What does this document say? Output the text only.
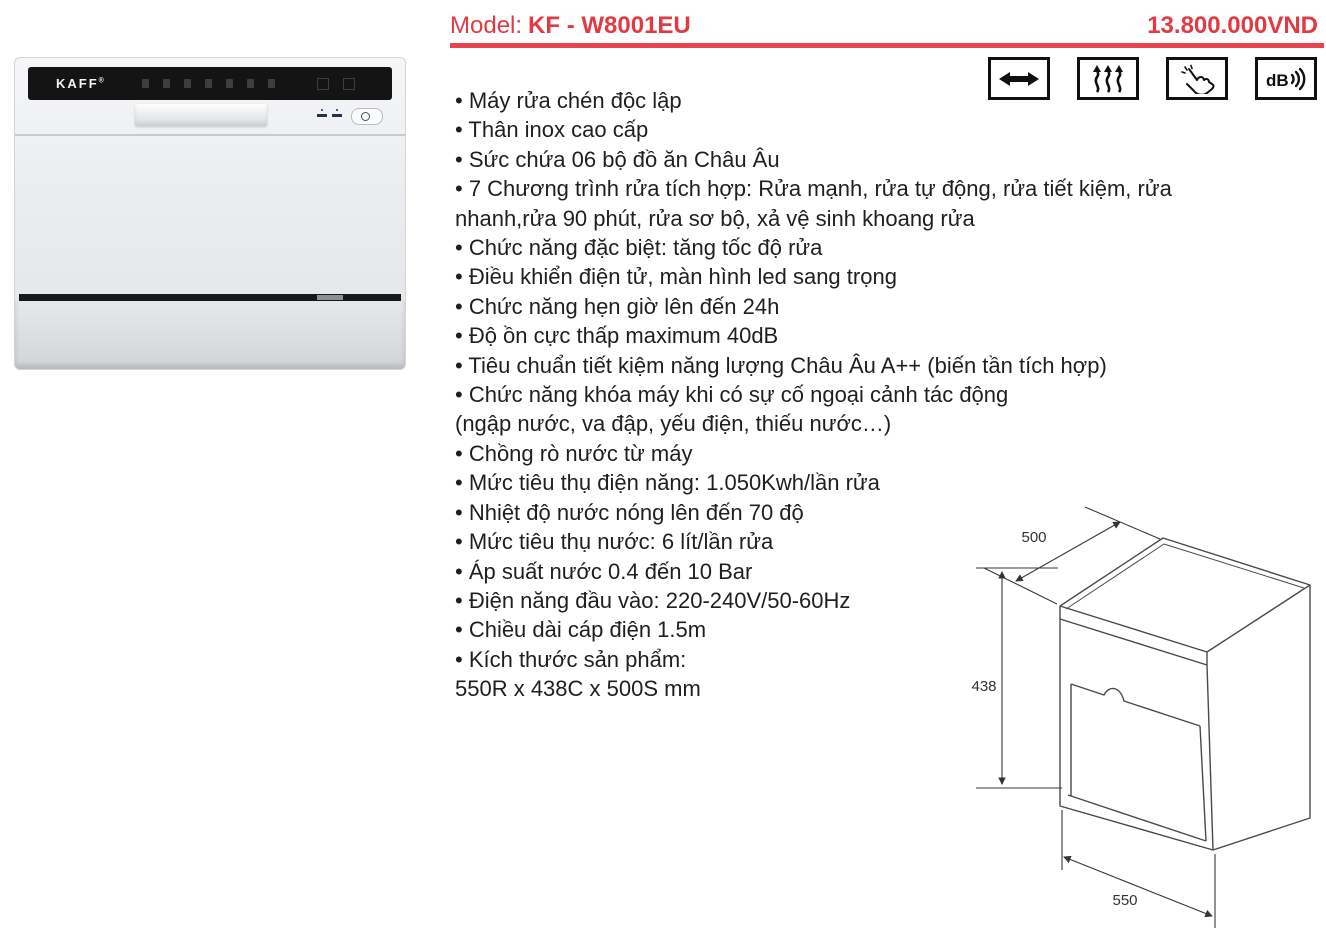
KAFF®
Model: KF - W8001EU	13.800.000VND
dB
• Máy rửa chén độc lập
• Thân inox cao cấp
• Sức chứa 06 bộ đồ ăn Châu Âu
• 7 Chương trình rửa tích hợp: Rửa mạnh, rửa tự động, rửa tiết kiệm, rửa
nhanh,rửa 90 phút, rửa sơ bộ, xả vệ sinh khoang rửa
• Chức năng đặc biệt: tăng tốc độ rửa
• Điều khiển điện tử, màn hình led sang trọng
• Chức năng hẹn giờ lên đến 24h
• Độ ồn cực thấp maximum 40dB
• Tiêu chuẩn tiết kiệm năng lượng Châu Âu A++ (biến tần tích hợp)
• Chức năng khóa máy khi có sự cố ngoại cảnh tác động
(ngập nước, va đập, yếu điện, thiếu nước…)
• Chồng rò nước từ máy
• Mức tiêu thụ điện năng: 1.050Kwh/lần rửa
• Nhiệt độ nước nóng lên đến 70 độ
• Mức tiêu thụ nước: 6 lít/lần rửa
• Áp suất nước 0.4 đến 10 Bar
• Điện năng đầu vào: 220-240V/50-60Hz
• Chiều dài cáp điện 1.5m
• Kích thước sản phẩm:
550R x 438C x 500S mm
500
438
550
